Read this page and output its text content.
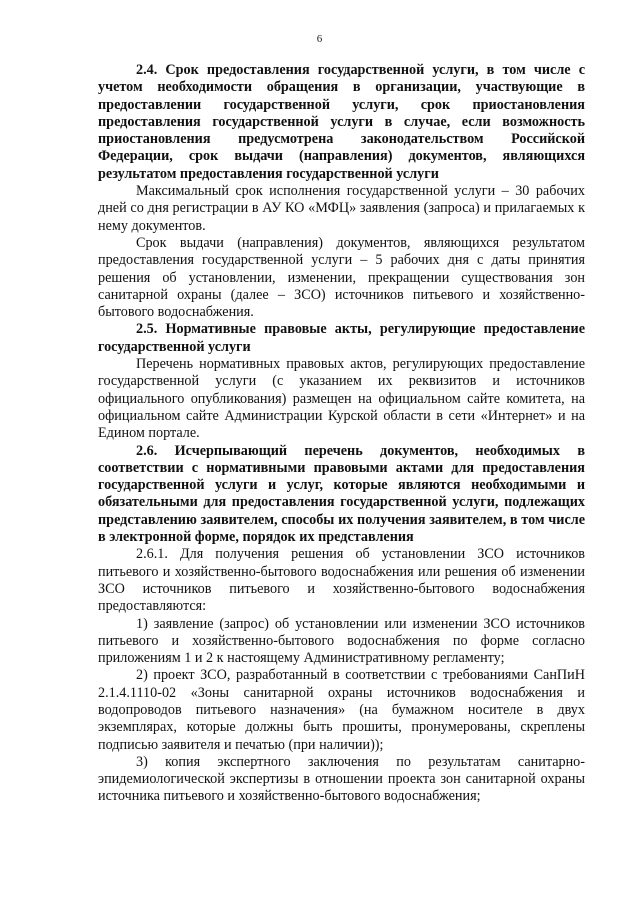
6

2.4. Срок предоставления государственной услуги, в том числе с учетом необходимости обращения в организации, участвующие в предоставлении государственной услуги, срок приостановления предоставления государственной услуги в случае, если возможность приостановления предусмотрена законодательством Российской Федерации, срок выдачи (направления) документов, являющихся результатом предоставления государственной услуги

Максимальный срок исполнения государственной услуги – 30 рабочих дней со дня регистрации в АУ КО «МФЦ» заявления (запроса) и прилагаемых к нему документов.

Срок выдачи (направления) документов, являющихся результатом предоставления государственной услуги – 5 рабочих дня с даты принятия решения об установлении, изменении, прекращении существования зон санитарной охраны (далее – ЗСО) источников питьевого и хозяйственно-бытового водоснабжения.

2.5. Нормативные правовые акты, регулирующие предоставление государственной услуги

Перечень нормативных правовых актов, регулирующих предоставление государственной услуги (с указанием их реквизитов и источников официального опубликования) размещен на официальном сайте комитета, на официальном сайте Администрации Курской области в сети «Интернет» и на Едином портале.

2.6. Исчерпывающий перечень документов, необходимых в соответствии с нормативными правовыми актами для предоставления государственной услуги и услуг, которые являются необходимыми и обязательными для предоставления государственной услуги, подлежащих представлению заявителем, способы их получения заявителем, в том числе в электронной форме, порядок их представления

2.6.1. Для получения решения об установлении ЗСО источников питьевого и хозяйственно-бытового водоснабжения или решения об изменении ЗСО источников питьевого и хозяйственно-бытового водоснабжения предоставляются:

1) заявление (запрос) об установлении или изменении ЗСО источников питьевого и хозяйственно-бытового водоснабжения по форме согласно приложениям 1 и 2 к настоящему Административному регламенту;

2) проект ЗСО, разработанный в соответствии с требованиями СанПиН 2.1.4.1110-02 «Зоны санитарной охраны источников водоснабжения и водопроводов питьевого назначения» (на бумажном носителе в двух экземплярах, которые должны быть прошиты, пронумерованы, скреплены подписью заявителя и печатью (при наличии));

3) копия экспертного заключения по результатам санитарно-эпидемиологической экспертизы в отношении проекта зон санитарной охраны источника питьевого и хозяйственно-бытового водоснабжения;
